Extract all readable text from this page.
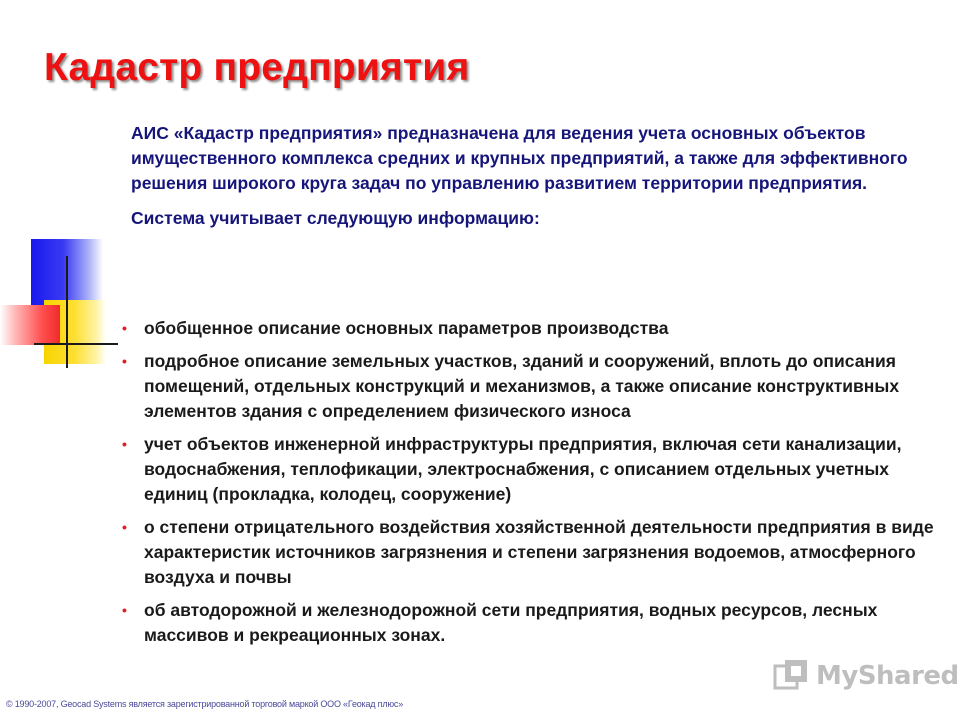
Кадастр предприятия

АИС «Кадастр предприятия» предназначена для ведения учета основных объектов имущественного комплекса средних и крупных предприятий, а также для эффективного решения широкого круга задач по управлению развитием территории предприятия.

Система учитывает следующую информацию:

• обобщенное описание основных параметров производства
• подробное описание земельных участков, зданий и сооружений, вплоть до описания    помещений, отдельных конструкций и механизмов, а также описание конструктивных элементов здания с определением физического износа
• учет объектов инженерной инфраструктуры предприятия, включая сети канализации, водоснабжения, теплофикации, электроснабжения, с описанием отдельных учетных единиц (прокладка, колодец, сооружение)
• о степени отрицательного воздействия хозяйственной деятельности предприятия в виде характеристик источников загрязнения и степени загрязнения водоемов, атмосферного воздуха и почвы
• об автодорожной и железнодорожной сети предприятия, водных ресурсов, лесных массивов и рекреационных зонах.
© 1990-2007, Geocad Systems является зарегистрированной торговой маркой ООО «Геокад плюс»
MyShared
